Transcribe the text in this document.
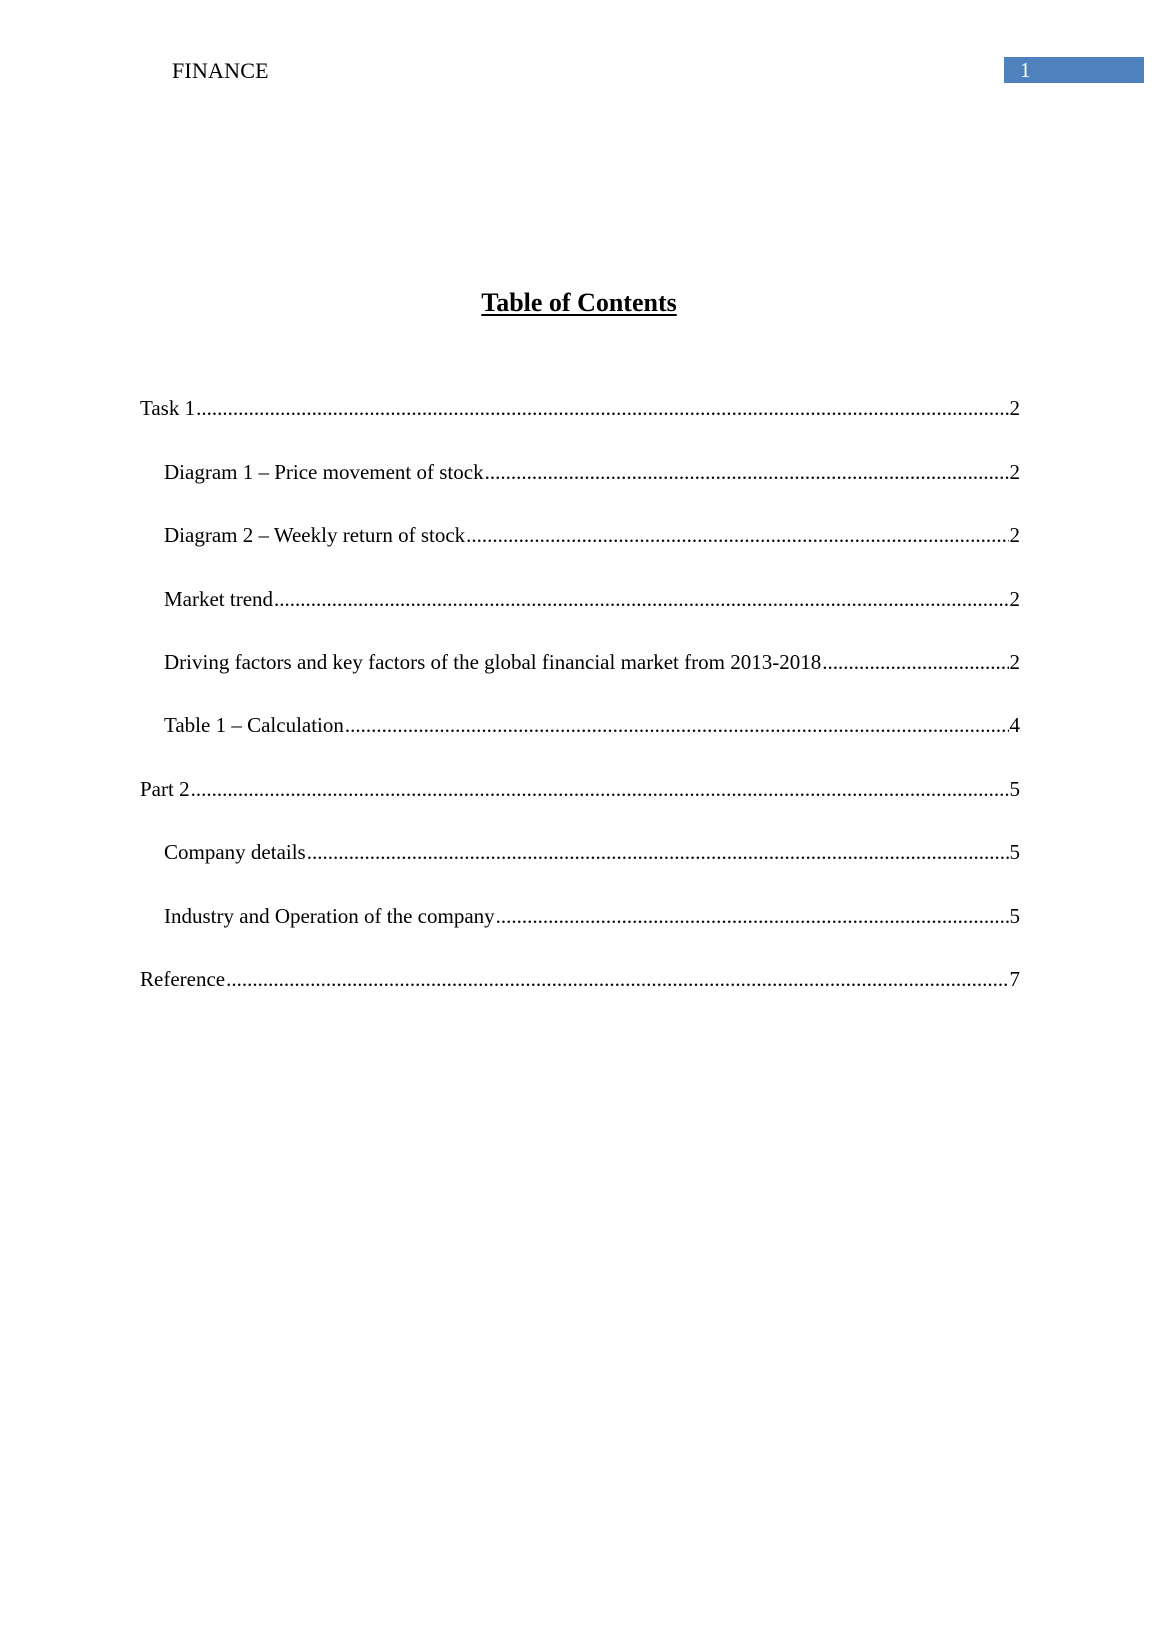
FINANCE	1
Table of Contents
Task 1 .....	2
Diagram 1 – Price movement of stock .....	2
Diagram 2 – Weekly return of stock .....	2
Market trend .....	2
Driving factors and key factors of the global financial market from 2013-2018 .....	2
Table 1 – Calculation .....	4
Part 2 .....	5
Company details .....	5
Industry and Operation of the company .....	5
Reference .....	7
